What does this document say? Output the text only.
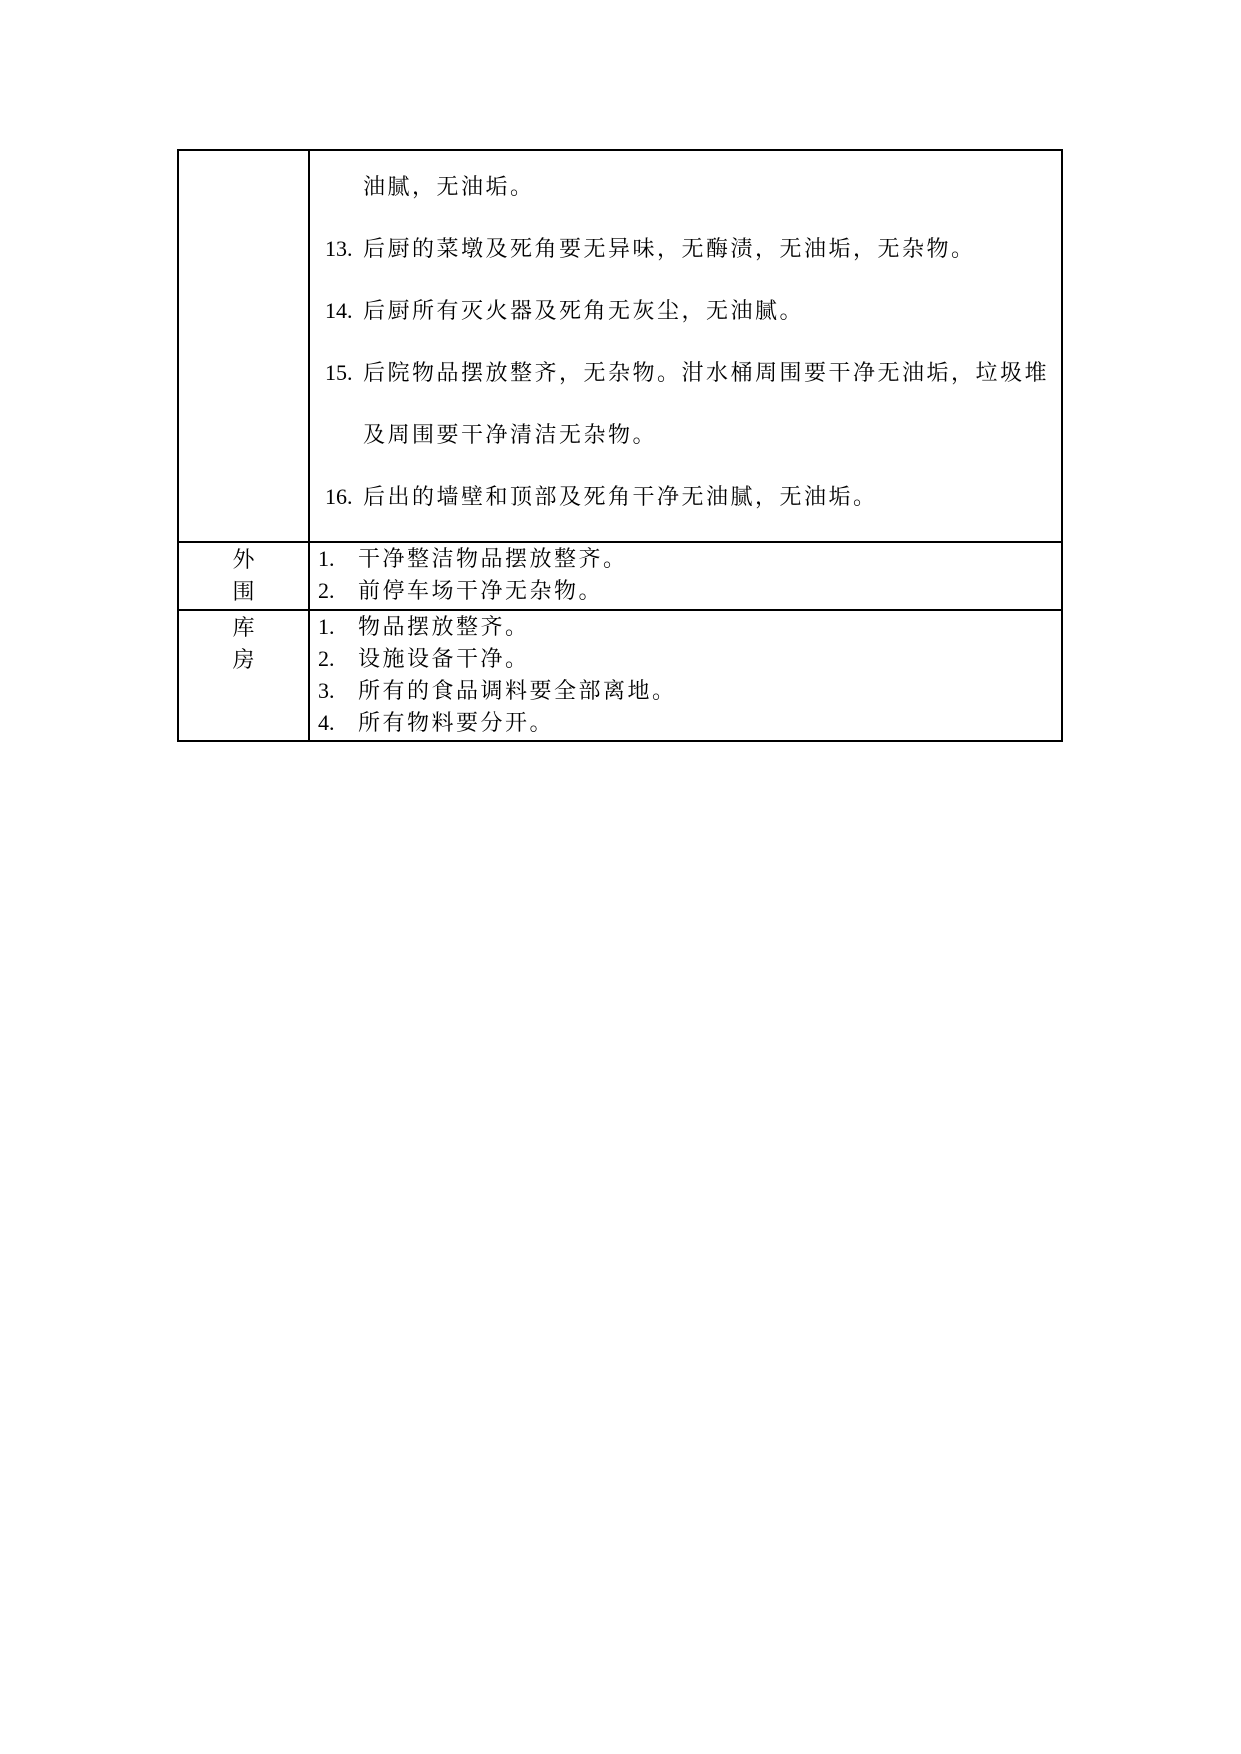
油腻，无油垢。
13. 后厨的菜墩及死角要无异味，无酶渍，无油垢，无杂物。
14. 后厨所有灭火器及死角无灰尘，无油腻。
15. 后院物品摆放整齐，无杂物。泔水桶周围要干净无油垢，垃圾堆
及周围要干净清洁无杂物。
16. 后出的墙壁和顶部及死角干净无油腻，无油垢。
外
围
1. 干净整洁物品摆放整齐。
2. 前停车场干净无杂物。
库
房
1. 物品摆放整齐。
2. 设施设备干净。
3. 所有的食品调料要全部离地。
4. 所有物料要分开。
